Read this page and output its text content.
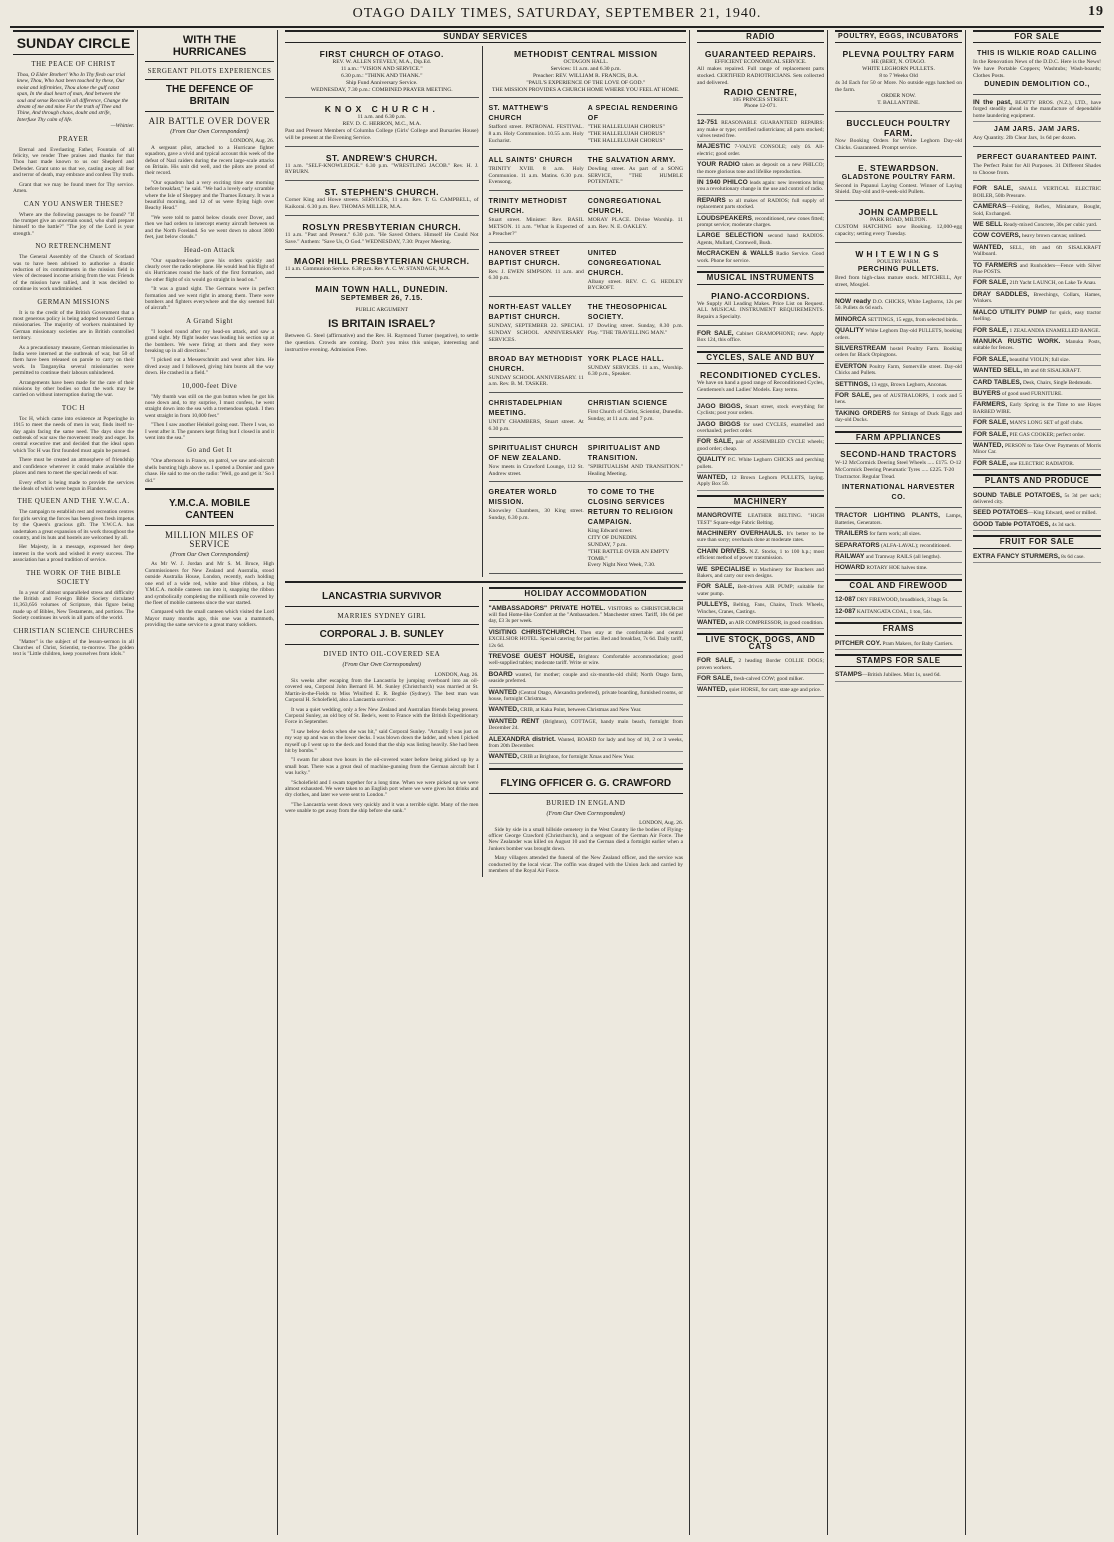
OTAGO DAILY TIMES, SATURDAY, SEPTEMBER 21, 1940.	19
SUNDAY CIRCLE
THE PEACE OF CHRIST
Thou, O Elder Brother! Who In Thy flesh our trial knew, Thou, Who hast been touched by these, Our moist and infirmities, Thou alone the gulf canst span, In the dual heart of man, And between the soul and sense Reconcile all difference, Change the dream of me and mine For the truth of Thee and Thine, And through chaos, doubt and strife, Interfuse Thy calm of life.
—Whittier.
PRAYER

Eternal and Everlasting Father, Fountain of all felicity, we render Thee praises and thanks for that Thou hast made known to us our Shepherd and Defender. Grant unto us that we, casting away all fear and terror of death, may embrace and confess Thy truth.

Grant that we may be found meet for Thy service. Amen.

CAN YOU ANSWER THESE?

Where are the following passages to be found? "If the trumpet give an uncertain sound, who shall prepare himself to the battle?" "The joy of the Lord is your strength."

NO RETRENCHMENT

The General Assembly of the Church of Scotland was to have been advised to authorise a drastic reduction of its commitments in the mission field in view of decreased income arising from the war. Friends of the mission have rallied, and it was decided to continue its work undiminished.

GERMAN MISSIONS

It is to the credit of the British Government that a most generous policy is being adopted toward German missionaries. The majority of workers maintained by German missionary societies are in British controlled territory.

As a precautionary measure, German missionaries in India were interned at the outbreak of war, but 50 of them have been released on parole to carry on their work. In Tanganyika several missionaries were permitted to continue their labours unhindered.

Arrangements have been made for the care of their missions by other bodies so that the work may be carried on without interruption during the war.

TOC H

Toc H, which came into existence at Poperinghe in 1915 to meet the needs of men in war, finds itself to-day again facing the same need. The days since the outbreak of war saw the movement ready and eager. Its central executive met and decided that the ideal upon which Toc H was first founded must again be pursued.

There must be created an atmosphere of friendship and confidence wherever it could make available the places and men to meet the special needs of war.

Every effort is being made to provide the services the ideals of which were begun in Flanders.

THE QUEEN AND THE Y.W.C.A.

The campaign to establish rest and recreation centres for girls serving the forces has been given fresh impetus by the Queen's gracious gift. The Y.W.C.A. has undertaken a great expansion of its work throughout the country, and its huts and hostels are welcomed by all.

Her Majesty, in a message, expressed her deep interest in the work and wished it every success. The association has a proud tradition of service.

THE WORK OF THE BIBLE SOCIETY

In a year of almost unparalleled stress and difficulty the British and Foreign Bible Society circulated 11,363,656 volumes of Scripture, this figure being made up of Bibles, New Testaments, and portions. The Society continues its work in all parts of the world.

CHRISTIAN SCIENCE CHURCHES

"Matter" is the subject of the lesson-sermon in all Churches of Christ, Scientist, to-morrow. The golden text is "Little children, keep yourselves from idols."

WITH THE HURRICANES
SERGEANT PILOTS EXPERIENCES
THE DEFENCE OF BRITAIN
AIR BATTLE OVER DOVER
(From Our Own Correspondent)
LONDON, Aug. 26.

A sergeant pilot, attached to a Hurricane fighter squadron, gave a vivid and typical account this week of the defeat of Nazi raiders during the recent large-scale attacks on Britain. His unit did well, and the pilots are proud of their record.

"Our squadron had a very exciting time one morning before breakfast," he said. "We had a lovely early scramble where the Isle of Sheppey and the Thames Estuary. It was a beautiful morning, and 12 of us were flying high over Beachy Head."

"We were told to patrol below clouds over Dover, and then we had orders to intercept enemy aircraft between us and the North Foreland. So we went down to about 3000 feet, just below clouds."

Head-on Attack

"Our squadron-leader gave his orders quickly and clearly over the radio telephone. He would lead his flight of six Hurricanes round the back of the first formation, and the other flight of six would go straight in head on."

"It was a grand sight. The Germans were in perfect formation and we went right in among them. There were bombers and fighters everywhere and the sky seemed full of aircraft."

A Grand Sight

"I looked round after my head-on attack, and saw a grand sight. My flight leader was leading his section up at the bombers. We were firing at them and they were breaking up in all directions."

"I picked out a Messerschmitt and went after him. He dived away and I followed, giving him bursts all the way down. He crashed in a field."

10,000-feet Dive

"My thumb was still on the gun button when he got his nose down and, to my surprise, I must confess, he went straight down into the sea with a tremendous splash. I then went straight in from 10,000 feet."

"Then I saw another Heinkel going east. There I was, so I went after it. The gunners kept firing but I closed in and it went into the sea."

Go and Get It

"One afternoon in France, on patrol, we saw anti-aircraft shells bursting high above us. I spotted a Dornier and gave chase. He said to me on the radio: 'Well, go and get it.' So I did."

Y.M.C.A. MOBILE CANTEEN
MILLION MILES OF SERVICE
(From Our Own Correspondent)

As Mr W. J. Jordan and Mr S. M. Bruce, High Commissioners for New Zealand and Australia, stood outside Australia House, London, recently, each holding one end of a wide red, white and blue ribbon, a big Y.M.C.A. mobile canteen ran into it, snapping the ribbon and symbolically completing the millionth mile covered by the fleet of mobile canteens since the war started.

Compared with the small canteen which visited the Lord Mayor many months ago, this one was a mammoth, providing the same service to a great many soldiers.

SUNDAY SERVICES
FIRST CHURCH OF OTAGO.
REV. W. ALLEN STEVELY, M.A., Dip.Ed.
11 a.m.: "VISION AND SERVICE."
6.30 p.m.: "THINK AND THANK."
Ship Fund Anniversary Service.
WEDNESDAY, 7.30 p.m.: COMBINED PRAYER MEETING.
KNOX CHURCH.
11 a.m. and 6.30 p.m.
REV. D. C. HERRON, M.C., M.A.
Past and Present Members of Columba College (Girls' College and Bursaries House) will be present at the Evening Service.
ST. ANDREW'S CHURCH.
11 a.m. "SELF-KNOWLEDGE." 6.30 p.m. "WRESTLING JACOB." Rev. H. J. RYBURN.
ST. STEPHEN'S CHURCH.
Corner King and Howe streets. SERVICES, 11 a.m. Rev. T. G. CAMPBELL, of Kaikorai. 6.30 p.m. Rev. THOMAS MILLER, M.A.
ROSLYN PRESBYTERIAN CHURCH.
11 a.m. "Past and Present." 6.30 p.m. "He Saved Others. Himself He Could Not Save." Anthem: "Save Us, O God." WEDNESDAY, 7.30: Prayer Meeting.
MAORI HILL PRESBYTERIAN CHURCH.
11 a.m. Communion Service. 6.30 p.m. Rev. A. C. W. STANDAGE, M.A.
MAIN TOWN HALL, DUNEDIN.
SEPTEMBER 26, 7.15.
PUBLIC ARGUMENT
IS BRITAIN ISRAEL?
Between G. Steel (affirmative) and the Rev. H. Raymond Turner (negative), to settle the question. Crowds are coming. Don't you miss this unique, interesting and instructive evening. Admission Free.
METHODIST CENTRAL MISSION
OCTAGON HALL.
Services: 11 a.m. and 6.30 p.m.
Preacher: REV. WILLIAM R. FRANCIS, B.A.
"PAUL'S EXPERIENCE OF THE LOVE OF GOD."
THE MISSION PROVIDES A CHURCH HOME WHERE YOU FEEL AT HOME.
ST. MATTHEW'S CHURCH
Stafford street. PATRONAL FESTIVAL. 8 a.m. Holy Communion. 10.55 a.m. Holy Eucharist.
A SPECIAL RENDERING OF
"THE HALLELUJAH CHORUS"
"THE HALLELUJAH CHORUS"
"THE HALLELUJAH CHORUS"
ALL SAINTS' CHURCH
TRINITY XVIII. 8 a.m. Holy Communion. 11 a.m. Matins. 6.30 p.m. Evensong.
THE SALVATION ARMY.
Dowling street. As part of a SONG SERVICE, "THE HUMBLE POTENTATE."
TRINITY METHODIST CHURCH.
Stuart street. Minister: Rev. BASIL METSON. 11 a.m. "What is Expected of a Preacher?"
CONGREGATIONAL CHURCH.
MORAY PLACE. Divine Worship. 11 a.m. Rev. N. E. OAKLEY.
HANOVER STREET BAPTIST CHURCH.
Rev. J. EWEN SIMPSON. 11 a.m. and 6.30 p.m.
UNITED CONGREGATIONAL CHURCH.
Albany street. REV. C. G. HEDLEY BYCROFT.
NORTH-EAST VALLEY BAPTIST CHURCH.
SUNDAY, SEPTEMBER 22. SPECIAL SUNDAY SCHOOL ANNIVERSARY SERVICES.
THE THEOSOPHICAL SOCIETY.
17 Dowling street. Sunday, 8.30 p.m. Play. "THE TRAVELLING MAN."
BROAD BAY METHODIST CHURCH.
SUNDAY SCHOOL ANNIVERSARY. 11 a.m. Rev. B. M. TASKER.
YORK PLACE HALL.
SUNDAY SERVICES. 11 a.m., Worship. 6.30 p.m., Speaker.
CHRISTADELPHIAN MEETING.
UNITY CHAMBERS, Stuart street. At 6.30 p.m.
CHRISTIAN SCIENCE
First Church of Christ, Scientist, Dunedin. Sunday, at 11 a.m. and 7 p.m.
SPIRITUALIST CHURCH OF NEW ZEALAND.
Now meets in Crawford Lounge, 112 St. Andrew street.
SPIRITUALIST AND TRANSITION.
"SPIRITUALISM AND TRANSITION." Healing Meeting.
GREATER WORLD MISSION.
Knowsley Chambers, 30 King street. Sunday, 6.30 p.m.
TO COME TO THE CLOSING SERVICES RETURN TO RELIGION CAMPAIGN.
King Edward street.
CITY OF DUNEDIN.
SUNDAY, 7 p.m.
"THE BATTLE OVER AN EMPTY TOMB."
Every Night Next Week, 7.30.
LANCASTRIA SURVIVOR
MARRIES SYDNEY GIRL
CORPORAL J. B. SUNLEY
DIVED INTO OIL-COVERED SEA
(From Our Own Correspondent)
LONDON, Aug. 26.

Six weeks after escaping from the Lancastria by jumping overboard into an oil-covered sea, Corporal John Bernard H. M. Sunley (Christchurch) was married at St. Martin-in-the-Fields to Miss Winifred E. R. Begbie (Sydney). The best man was Corporal H. Scholefield, also a Lancastria survivor.

It was a quiet wedding, only a few New Zealand and Australian friends being present. Corporal Sunley, an old boy of St. Bede's, went to France with the British Expeditionary Force in September.

"I saw below decks when she was hit," said Corporal Sunley. "Actually I was just on my way up and was on the lower decks. I was blown down the ladder, and when I picked myself up I went up to the deck and found that the ship was listing heavily. She had been hit by bombs."

"I swam for about two hours in the oil-covered water before being picked up by a small boat. There was a great deal of machine-gunning from the German aircraft but I was lucky."

"Scholefield and I swam together for a long time. When we were picked up we were almost exhausted. We were taken to an English port where we were given hot drinks and dry clothes, and later we were sent to London."

"The Lancastria went down very quickly and it was a terrible sight. Many of the men were unable to get away from the ship before she sank."

HOLIDAY ACCOMMODATION
"AMBASSADORS" PRIVATE HOTEL. VISITORS to CHRISTCHURCH will find Home-like Comfort at the "Ambassadors." Manchester street. Tariff, 10s 6d per day, £3 3s per week.
VISITING CHRISTCHURCH. Then stay at the comfortable and central EXCELSIOR HOTEL. Special catering for parties. Bed and breakfast, 7s 6d. Daily tariff, 12s 6d.
TREVOSE GUEST HOUSE, Brighton: Comfortable accommodation; good well-supplied tables; moderate tariff. Write or wire.
BOARD wanted, for mother; couple and six-months-old child; North Otago farm, seaside preferred.
WANTED (Central Otago, Alexandra preferred), private boarding, furnished rooms, or house, fortnight Christmas.
WANTED, CRIB, at Kaka Point, between Christmas and New Year.
WANTED RENT (Brighton), COTTAGE, handy main beach, fortnight from December 24.
ALEXANDRA district. Wanted, BOARD for lady and boy of 10, 2 or 3 weeks, from 20th December.
WANTED, CRIB at Brighton, for fortnight Xmas and New Year.
FLYING OFFICER G. G. CRAWFORD
BURIED IN ENGLAND
(From Our Own Correspondent)
LONDON, Aug. 26.

Side by side in a small hillside cemetery in the West Country lie the bodies of Flying-officer George Crawford (Christchurch), and a sergeant of the German Air Force. The New Zealander was killed on August 10 and the German died a fortnight earlier when a Junkers bomber was brought down.

Many villagers attended the funeral of the New Zealand officer, and the service was conducted by the local vicar. The coffin was draped with the Union Jack and carried by members of the Royal Air Force.

RADIO
GUARANTEED REPAIRS.
EFFICIENT ECONOMICAL SERVICE.
All makes repaired. Full range of replacement parts stocked. CERTIFIED RADIOTRICIANS. Sets collected and delivered.
RADIO CENTRE,
105 PRINCES STREET.
Phone 12-071.
12-751 REASONABLE GUARANTEED REPAIRS: any make or type; certified radiotricians; all parts stocked; valves tested free.
MAJESTIC 7-VALVE CONSOLE; only £6. All-electric; good order.
YOUR RADIO taken as deposit on a new PHILCO; the more glorious tone and lifelike reproduction.
IN 1940 PHILCO leads again: new inventions bring you a revolutionary change in the use and control of radio.
REPAIRS to all makes of RADIOS; full supply of replacement parts stocked.
LOUDSPEAKERS, reconditioned, new cones fitted; prompt service; moderate charges.
LARGE SELECTION second hand RADIOS. Agents, Mullard, Cromwell, Bush.
McCRACKEN & WALLS Radio Service. Good work. Phone for service.
MUSICAL INSTRUMENTS
PIANO-ACCORDIONS.
We Supply All Leading Makes. Price List on Request. ALL MUSICAL INSTRUMENT REQUIREMENTS. Repairs a Specialty.
FOR SALE, Cabinet GRAMOPHONE; new. Apply Box 124, this office.
CYCLES, SALE AND BUY
RECONDITIONED CYCLES.
We have on hand a good range of Reconditioned Cycles, Gentlemen's and Ladies' Models. Easy terms.
JAGO BIGGS, Stuart street, stock everything for Cyclists; post your orders.
JAGO BIGGS for used CYCLES, enamelled and overhauled; perfect order.
FOR SALE, pair of ASSEMBLED CYCLE wheels; good order; cheap.
QUALITY P.C. White Leghorn CHICKS and perching pullets.
WANTED, 12 Brown Leghorn PULLETS, laying. Apply Box 50.
MACHINERY
MANGROVITE LEATHER BELTING. "HIGH TEST" Square-edge Fabric Belting.
MACHINERY OVERHAULS. It's better to be sure than sorry; overhauls done at moderate rates.
CHAIN DRIVES. N.Z. Stocks, 1 to 100 h.p.; most efficient method of power transmission.
WE SPECIALISE in Machinery for Butchers and Bakers, and carry our own designs.
FOR SALE, Belt-driven AIR PUMP; suitable for water pump.
PULLEYS, Belting, Fans, Chains, Truck Wheels, Winches, Cranes, Castings.
WANTED, an AIR COMPRESSOR, in good condition.
LIVE STOCK, DOGS, AND CATS
FOR SALE, 2 heading Border COLLIE DOGS; proven workers.
FOR SALE, fresh-calved COW; good milker.
WANTED, quiet HORSE, for cart; state age and price.
POULTRY, EGGS, INCUBATORS
PLEVNA POULTRY FARM
HE (BERT, N. OTAGO.
WHITE LEGHORN PULLETS.
8 to 7 Weeks Old
4s 3d Each for 50 or More. No outside eggs hatched on the farm.
ORDER NOW.
T. BALLANTINE.
BUCCLEUCH POULTRY FARM.
Now Booking Orders for White Leghorn Day-old Chicks. Guaranteed. Prompt service.
E. STEWARDSON.
GLADSTONE POULTRY FARM.
Second in Papanui Laying Contest. Winner of Laying Shield. Day-old and 8-week-old Pullets.
JOHN CAMPBELL
PARK ROAD, MILTON.
CUSTOM HATCHING now Booking. 12,000-egg capacity; setting every Tuesday.
WHITEWINGS
POULTRY FARM.
PERCHING PULLETS.
Bred from high-class mature stock. MITCHELL, Ayr street, Mosgiel.
NOW ready D.O. CHICKS, White Leghorns, 12s per 50. Pullets 4s 6d each.
MINORCA SETTINGS, 15 eggs, from selected birds.
QUALITY White Leghorn Day-old PULLETS, booking orders.
SILVERSTREAM hostel Poultry Farm. Booking orders for Black Orpingtons.
EVERTON Poultry Farm, Somerville street. Day-old Chicks and Pullets.
SETTINGS, 13 eggs, Brown Leghorn, Anconas.
FOR SALE, pen of AUSTRALORPS, 1 cock and 5 hens.
TAKING ORDERS for Sittings of Duck Eggs and day-old Ducks.
FARM APPLIANCES
SECOND-HAND TRACTORS
W-12 McCormick Deering Steel Wheels ..... £175. O-12 McCormick Deering Pneumatic Tyres ..... £225. T-20 Tractractor. Regular Tread.
INTERNATIONAL HARVESTER CO.
TRACTOR LIGHTING PLANTS, Lamps, Batteries, Generators.
TRAILERS for farm work; all sizes.
SEPARATORS (ALFA-LAVAL); reconditioned.
RAILWAY and Tramway RAILS (all lengths).
HOWARD ROTARY HOE halves time.
COAL AND FIREWOOD
12-087 DRY FIREWOOD, broadbiock, 3 bags 5s.
12-087 KAITANGATA COAL, 1 ton, 54s.
FRAMS
PITCHER COY. Pram Makers, for Baby Carriers.
STAMPS FOR SALE
STAMPS—British Jubilees. Mint 1s, used 6d.
FOR SALE
THIS IS WILKIE ROAD CALLING
In the Renovation News of the D.D.C. Here is the News! We have Portable Coppers; Washtubs; Wash-boards; Clothes Posts.
DUNEDIN DEMOLITION CO.,
IN the past, BEATTY BROS. (N.Z.), LTD., have forged steadily ahead in the manufacture of dependable home laundering equipment.
JAM JARS. JAM JARS.
Any Quantity. 2lb Clear Jars, 1s 6d per dozen.
PERFECT GUARANTEED PAINT.
The Perfect Paint for All Purposes. 31 Different Shades to Choose from.
FOR SALE, SMALL VERTICAL ELECTRIC BOILER, 50lb Pressure.
CAMERAS—Folding, Reflex, Miniature, Bought, Sold, Exchanged.
WE SELL Ready-mixed Concrete, 30s per cubic yard.
COW COVERS, heavy brown canvas; unlined.
WANTED, SELL, 8ft and 6ft SISALKRAFT Wallboard.
TO FARMERS and Runholders—Fence with Silver Pine POSTS.
FOR SALE, 21ft Yacht LAUNCH, on Lake Te Anau.
DRAY SADDLES, Breechings, Collars, Hames, Winkers.
MALCO UTILITY PUMP for quick, easy tractor fuelling.
FOR SALE, 1 ZEALANDIA ENAMELLED RANGE.
MANUKA RUSTIC WORK. Manuka Posts, suitable for fences.
FOR SALE, beautiful VIOLIN; full size.
WANTED SELL, 8ft and 6ft SISALKRAFT.
CARD TABLES, Desk, Chairs, Single Bedsteads.
BUYERS of good used FURNITURE.
FARMERS, Early Spring is the Time to use Hayes BARBED WIRE.
FOR SALE, MAN'S LONG SET of golf clubs.
FOR SALE, PIE GAS COOKER; perfect order.
WANTED, PERSON to Take Over Payments of Morris Minor Car.
FOR SALE, one ELECTRIC RADIATOR.
PLANTS AND PRODUCE
SOUND TABLE POTATOES, 5s 3d per sack; delivered city.
SEED POTATOES—King Edward, seed or milled.
GOOD Table POTATOES, 4s 3d sack.
FRUIT FOR SALE
EXTRA FANCY STURMERS, 8s 6d case.
